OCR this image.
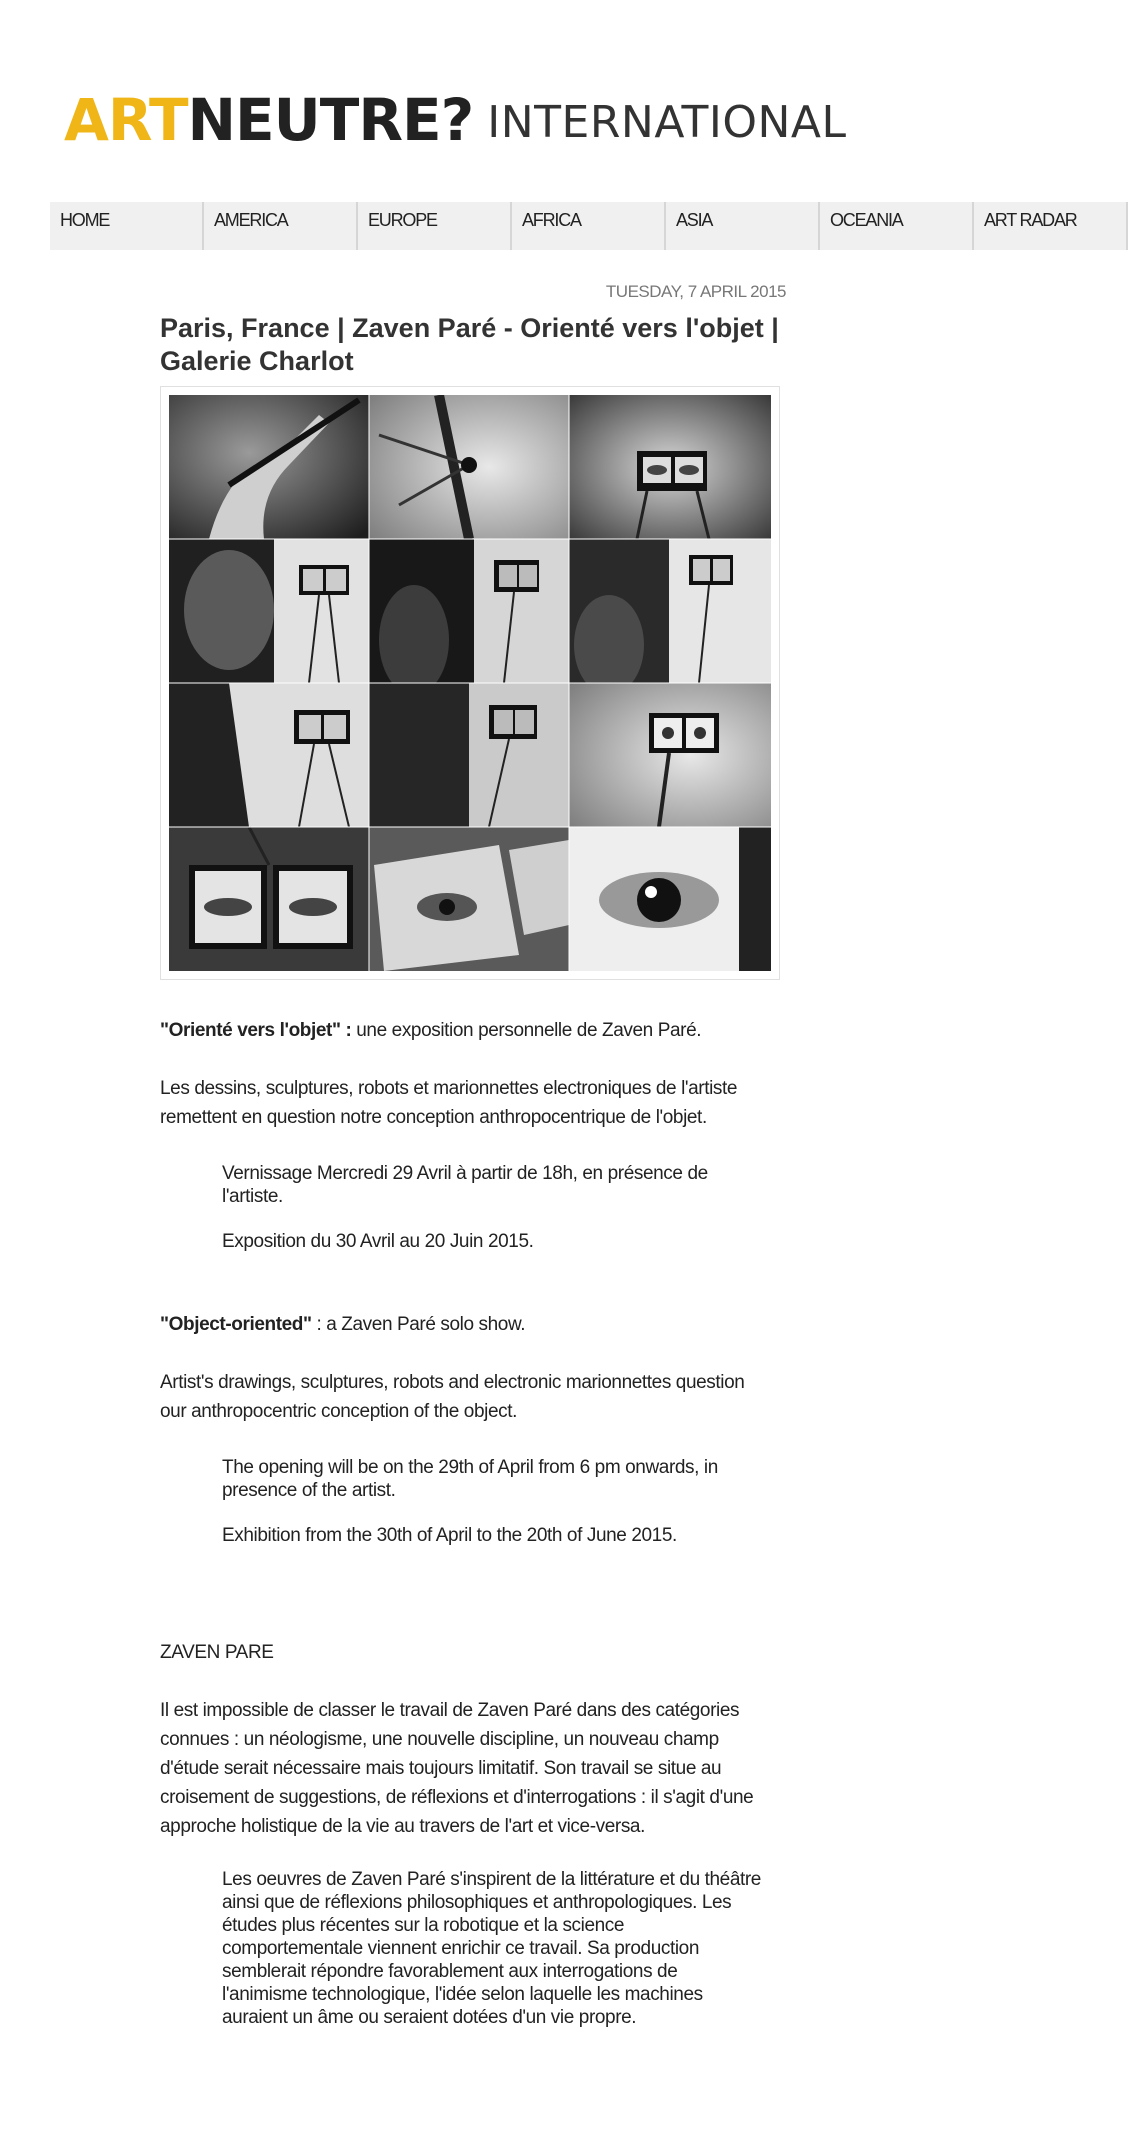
ART NEUTRE? INTERNATIONAL
HOME	AMERICA	EUROPE	AFRICA	ASIA	OCEANIA	ART RADAR
TUESDAY, 7 APRIL 2015
Paris, France | Zaven Paré - Orienté vers l'objet | Galerie Charlot
"Orienté vers l'objet" : une exposition personnelle de Zaven Paré.
Les dessins, sculptures, robots et marionnettes electroniques de l'artiste
remettent en question notre conception anthropocentrique de l'objet.
Vernissage Mercredi 29 Avril à partir de 18h, en présence de l'artiste.
Exposition du 30 Avril au 20 Juin 2015.
"Object-oriented" : a Zaven Paré solo show.
Artist's drawings, sculptures, robots and electronic marionnettes question
our anthropocentric conception of the object.
The opening will be on the 29th of April from 6 pm onwards, in presence of the artist.
Exhibition from the 30th of April to the 20th of June 2015.
ZAVEN PARE
Il est impossible de classer le travail de Zaven Paré dans des catégories
connues : un néologisme, une nouvelle discipline, un nouveau champ
d'étude serait nécessaire mais toujours limitatif. Son travail se situe au
croisement de suggestions, de réflexions et d'interrogations : il s'agit d'une
approche holistique de la vie au travers de l'art et vice-versa.
Les oeuvres de Zaven Paré s'inspirent de la littérature et du théâtre ainsi que de réflexions philosophiques et anthropologiques. Les études plus récentes sur la robotique et la science comportementale viennent enrichir ce travail. Sa production semblerait répondre favorablement aux interrogations de l'animisme technologique, l'idée selon laquelle les machines auraient un âme ou seraient dotées d'un vie propre.
